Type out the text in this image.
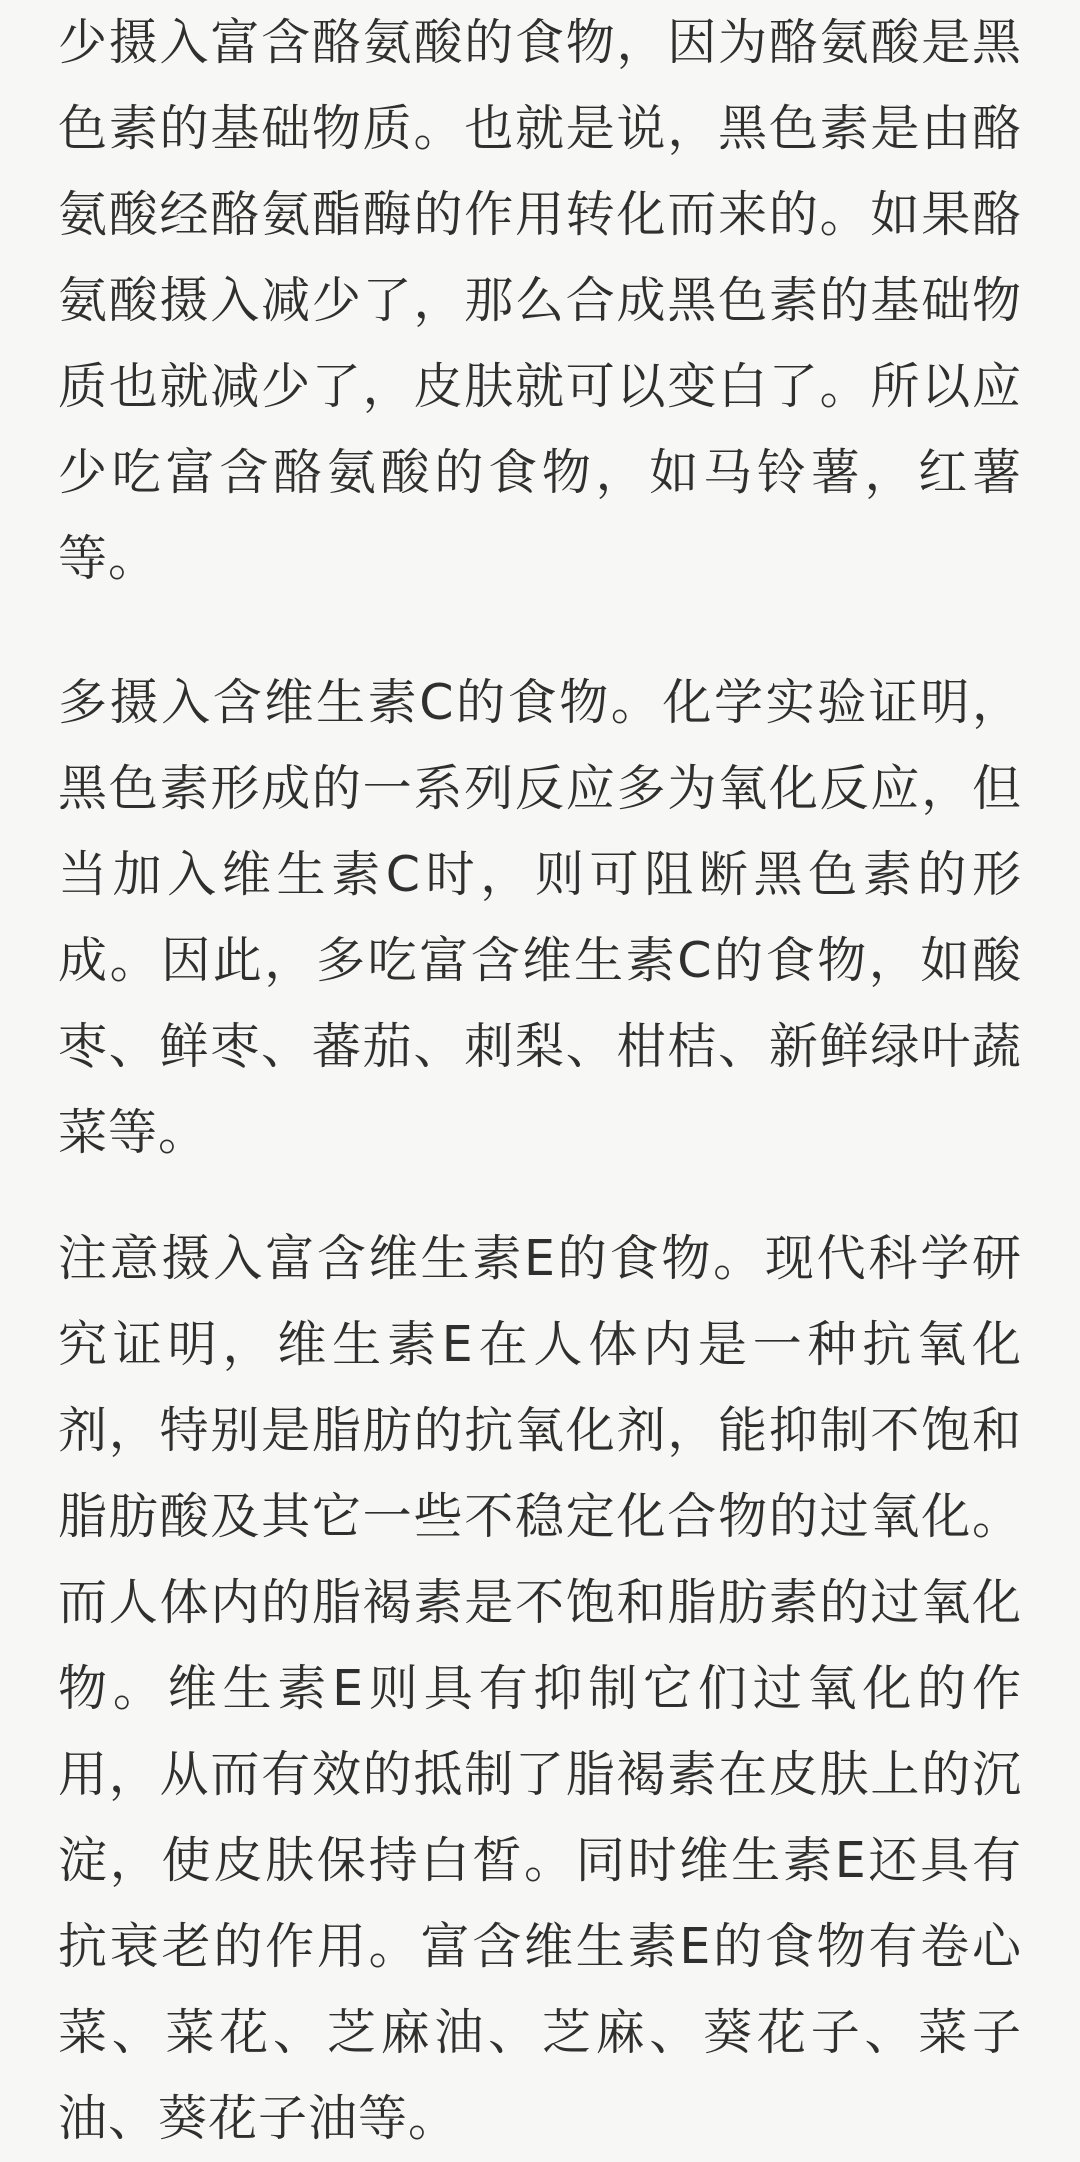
少摄入富含酪氨酸的食物，因为酪氨酸是黑色素的基础物质。也就是说，黑色素是由酪氨酸经酪氨酯酶的作用转化而来的。如果酪氨酸摄入减少了，那么合成黑色素的基础物质也就减少了，皮肤就可以变白了。所以应少吃富含酪氨酸的食物，如马铃薯，红薯等。

多摄入含维生素C的食物。化学实验证明，黑色素形成的一系列反应多为氧化反应，但当加入维生素C时，则可阻断黑色素的形成。因此，多吃富含维生素C的食物，如酸枣、鲜枣、蕃茄、刺梨、柑桔、新鲜绿叶蔬菜等。

注意摄入富含维生素E的食物。现代科学研究证明，维生素E在人体内是一种抗氧化剂，特别是脂肪的抗氧化剂，能抑制不饱和脂肪酸及其它一些不稳定化合物的过氧化。而人体内的脂褐素是不饱和脂肪素的过氧化物。维生素E则具有抑制它们过氧化的作用，从而有效的抵制了脂褐素在皮肤上的沉淀，使皮肤保持白皙。同时维生素E还具有抗衰老的作用。富含维生素E的食物有卷心菜、菜花、芝麻油、芝麻、葵花子、菜子油、葵花子油等。
